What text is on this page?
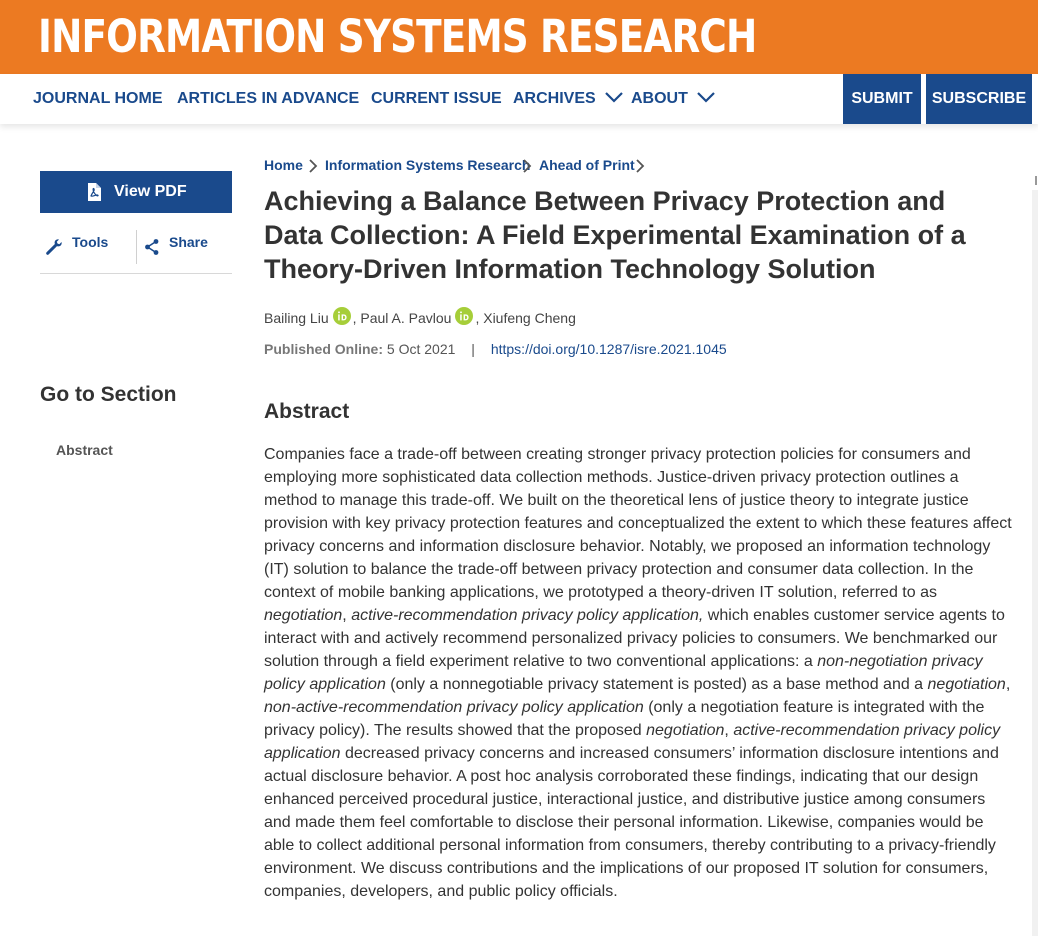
INFORMATION SYSTEMS RESEARCH
JOURNAL HOME ARTICLES IN ADVANCE CURRENT ISSUE ARCHIVES ABOUT	SUBMIT	SUBSCRIBE
View PDF
Tools	Share
Go to Section
Abstract
Home Information Systems Research Ahead of Print
Achieving a Balance Between Privacy Protection and Data Collection: A Field Experimental Examination of a Theory-Driven Information Technology Solution
Bailing Liu , Paul A. Pavlou , Xiufeng Cheng
Published Online: 5 Oct 2021 | https://doi.org/10.1287/isre.2021.1045
Abstract

Companies face a trade-off between creating stronger privacy protection policies for consumers and employing more sophisticated data collection methods. Justice-driven privacy protection outlines a method to manage this trade-off. We built on the theoretical lens of justice theory to integrate justice provision with key privacy protection features and conceptualized the extent to which these features affect privacy concerns and information disclosure behavior. Notably, we proposed an information technology (IT) solution to balance the trade-off between privacy protection and consumer data collection. In the context of mobile banking applications, we prototyped a theory-driven IT solution, referred to as negotiation, active-recommendation privacy policy application, which enables customer service agents to interact with and actively recommend personalized privacy policies to consumers. We benchmarked our solution through a field experiment relative to two conventional applications: a non-negotiation privacy policy application (only a nonnegotiable privacy statement is posted) as a base method and a negotiation, non-active-recommendation privacy policy application (only a negotiation feature is integrated with the privacy policy). The results showed that the proposed negotiation, active-recommendation privacy policy application decreased privacy concerns and increased consumers’ information disclosure intentions and actual disclosure behavior. A post hoc analysis corroborated these findings, indicating that our design enhanced perceived procedural justice, interactional justice, and distributive justice among consumers and made them feel comfortable to disclose their personal information. Likewise, companies would be able to collect additional personal information from consumers, thereby contributing to a privacy-friendly environment. We discuss contributions and the implications of our proposed IT solution for consumers, companies, developers, and public policy officials.
